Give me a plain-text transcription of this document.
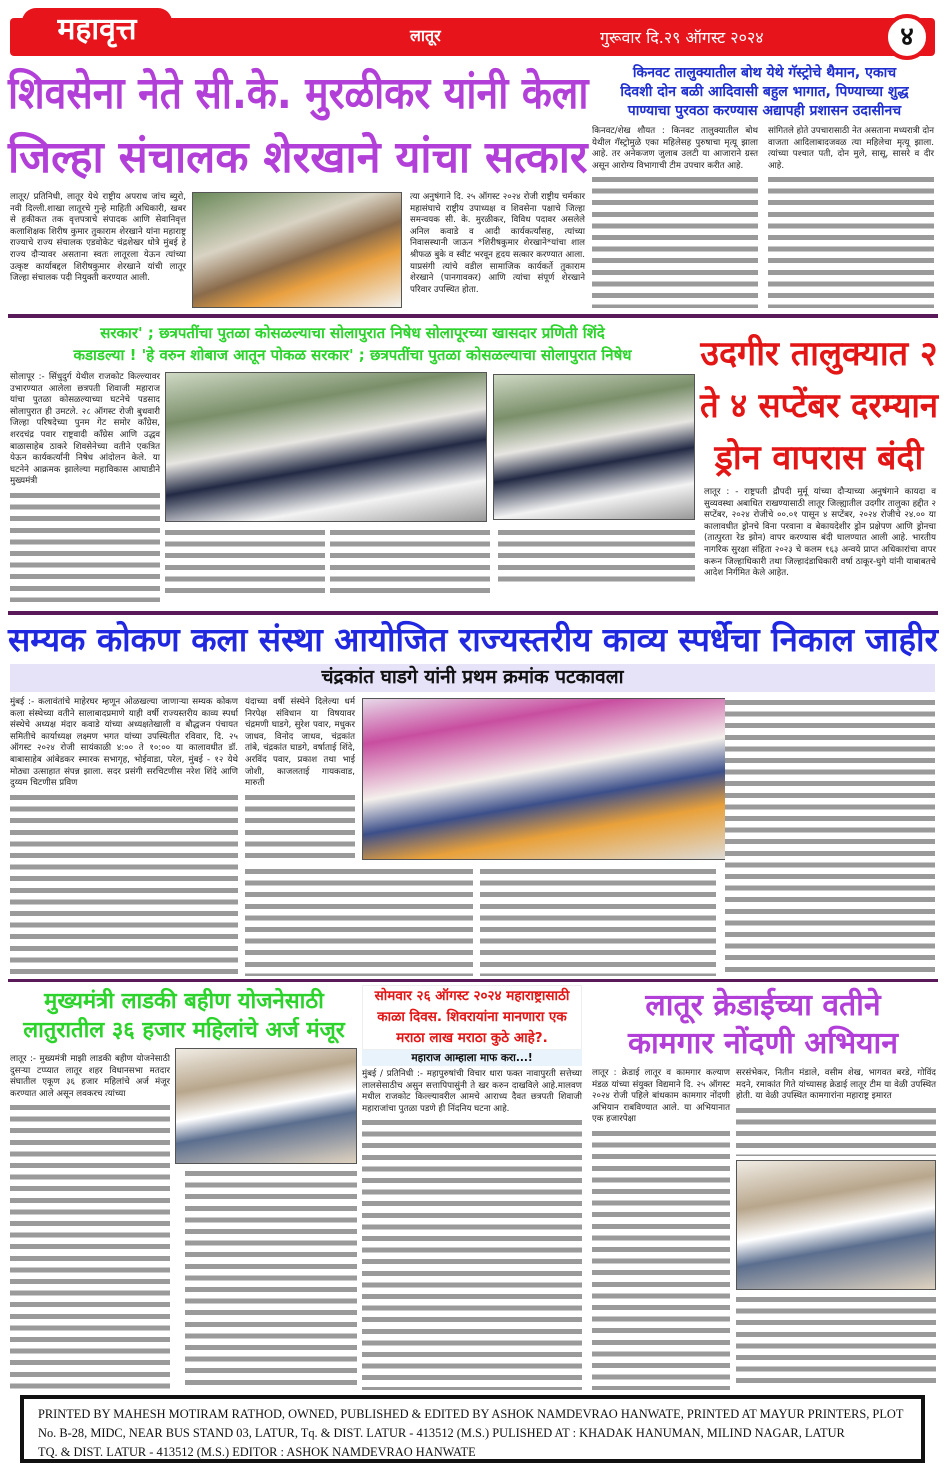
महावृत्त	लातूर	गुरूवार दि.२९ ऑगस्ट २०२४	४
शिवसेना नेते सी.के. मुरळीकर यांनी केला
जिल्हा संचालक शेरखाने यांचा सत्कार
लातूर/ प्रतिनिधी, लातूर येथे राष्ट्रीय अपराध जांच ब्युरो, नवी दिल्ली.शाखा लातूरचे गुन्हे माहिती अधिकारी, खबर से हकीकत तक वृत्तपत्राचे संपादक आणि सेवानिवृत्त कलाशिक्षक शिरीष कुमार तुकाराम शेरखाने यांना महाराष्ट्र राज्याचे राज्य संचालक एडवोकेट चंद्रशेखर धोत्रे मुंबई हे राज्य दौऱ्यावर असताना स्वतः लातूरला येऊन त्यांच्या उत्कृष्ट कार्याबद्दल शिरीषकुमार शेरखाने यांची लातूर जिल्हा संचालक पदी नियुक्ती करण्यात आली.
त्या अनुषंगाने दि. २५ ऑगस्ट २०२४ रोजी राष्ट्रीय चर्मकार महासंघाचे राष्ट्रीय उपाध्यक्ष व शिवसेना पक्षाचे जिल्हा समन्वयक सी. के. मुरळीकर, विविध पदावर असलेले अनिल कवाडे व आदी कार्यकर्त्यांसह, त्यांच्या निवासस्थानी जाऊन *शिरीषकुमार शेरखाने*यांचा शाल श्रीफळ बुके व स्वीट भरवून हृदय सत्कार करण्यात आला. याप्रसंगी त्यांचे वडील सामाजिक कार्यकर्ते तुकाराम शेरखाने (पानगावकर) आणि त्यांचा संपूर्ण शेरखाने परिवार उपस्थित होता.
किनवट तालुक्यातील बोथ येथे गॅस्ट्रोचे थैमान, एकाच
दिवशी दोन बळी आदिवासी बहुल भागात, पिण्याच्या शुद्ध
पाण्याचा पुरवठा करण्यास अद्यापही प्रशासन उदासीनच
किनवट/शेख शौयत : किनवट तालुक्यातील बोथ येथील गॅस्ट्रोमुळे एका महिलेसह पुरुषाचा मृत्यू झाला आहे. तर अनेकजण जुलाब उलटी या आजाराने ग्रस्त असून आरोग्य विभागाची टीम उपचार करीत आहे.
सांगितले होते उपचारासाठी नेत असताना मध्यरात्री दोन वाजता आदिलाबादजवळ त्या महिलेचा मृत्यू झाला. त्यांच्या पश्चात पती, दोन मुले, सासू, सासरे व दीर आहे.
सरकार' ; छत्रपतींचा पुतळा कोसळल्याचा सोलापुरात निषेध सोलापूरच्या खासदार प्रणिती शिंदे
कडाडल्या ! 'हे वरुन शोबाज आतून पोकळ सरकार' ; छत्रपतींचा पुतळा कोसळल्याचा सोलापुरात निषेध
सोलापूर :- सिंधुदुर्ग येथील राजकोट किल्ल्यावर उभारण्यात आलेला छत्रपती शिवाजी महाराज यांचा पुतळा कोसळल्याच्या घटनेचे पडसाद सोलापुरात ही उमटले. २८ ऑगस्ट रोजी बुधवारी जिल्हा परिषदेच्या पुनम गेट समोर कॉंग्रेस, शरदचंद्र पवार राष्ट्रवादी काँग्रेस आणि उद्धव बाळासाहेब ठाकरे शिवसेनेच्या वतीने एकत्रित येऊन कार्यकर्त्यांनी निषेध आंदोलन केले. या घटनेने आक्रमक झालेल्या महाविकास आघाडीने मुख्यमंत्री
उदगीर तालुक्यात २
ते ४ सप्टेंबर दरम्यान
ड्रोन वापरास बंदी
लातूर : - राष्ट्रपती द्रौपदी मुर्मू यांच्या दौऱ्याच्या अनुषंगाने कायदा व सुव्यवस्था अबाधित राखण्यासाठी लातूर जिल्ह्यातील उदगीर तालुका हद्दीत २ सप्टेंबर, २०२४ रोजीचे ००.०१ पासून ४ सप्टेंबर, २०२४ रोजीचे २४.०० या कालावधीत ड्रोनचे विना परवाना व बेकायदेशीर ड्रोन प्रक्षेपण आणि ड्रोनचा (तात्पुरता रेड झोन) वापर करण्यास बंदी घालण्यात आली आहे. भारतीय नागरिक सुरक्षा संहिता २०२३ चे कलम १६३ अन्वये प्राप्त अधिकारांचा वापर करून जिल्हाधिकारी तथा जिल्हादंडाधिकारी वर्षा ठाकूर-घुगे यांनी याबाबतचे आदेश निर्गमित केले आहेत.
सम्यक कोकण कला संस्था आयोजित राज्यस्तरीय काव्य स्पर्धेचा निकाल जाहीर
चंद्रकांत घाडगे यांनी प्रथम क्रमांक पटकावला
मुंबई :- कलावंतांचे माहेरघर म्हणून ओळखल्या जाणाऱ्या सम्यक कोकण कला संस्थेच्या वतीने सालाबादप्रमाणे याही वर्षी राज्यस्तरीय काव्य स्पर्धा संस्थेचे अध्यक्ष मंदार कवाडे यांच्या अध्यक्षतेखाली व बौद्धजन पंचायत समितीचे कार्याध्यक्ष लक्ष्मण भगत यांच्या उपस्थितीत रविवार, दि. २५ ऑगस्ट २०२४ रोजी सायंकाळी ४:०० ते १०:०० या कालावधीत डॉ. बाबासाहेब आंबेडकर स्मारक सभागृह, भोईवाडा, परेल, मुंबई - १२ येथे मोठ्या उत्साहात संपन्न झाला. सदर प्रसंगी सरचिटणीस नरेश शिंदे आणि दुय्यम चिटणीस प्रविण
यंदाच्या वर्षी संस्थेने दिलेल्या धर्म निरपेक्ष संविधान या विषयावर चंद्रमणी घाडगे, सुरेश पवार, मधुकर जाधव, विनोद जाधव, चंद्रकांत तांबे, चंद्रकांत घाडगे, वर्षाताई शिंदे, अरविंद पवार, प्रकाश तथा भाई जोशी, काजलताई गायकवाड, मारुती
मुख्यमंत्री लाडकी बहीण योजनेसाठी
लातुरातील ३६ हजार महिलांचे अर्ज मंजूर
लातूर :- मुख्यमंत्री माझी लाडकी बहीण योजनेसाठी दुसऱ्या टप्प्यात लातूर शहर विधानसभा मतदार संघातील एकूण ३६ हजार महिलांचे अर्ज मंजूर करण्यात आले असून लवकरच त्यांच्या
सोमवार २६ ऑगस्ट २०२४ महाराष्ट्रासाठी
काळा दिवस. शिवरायांना मानणारा एक
मराठा लाख मराठा कुठे आहे?.
महाराज आम्हाला माफ करा...!
मुंबई / प्रतिनिधी :- महापुरुषांची विचार धारा फक्त नावापुरती सत्तेच्या लालसेसाठीच असुन सत्तापिपासुंनी ते खर करुन दाखविले आहे.मालवण मधील राजकोट किल्ल्यावरील आमचे आराध्य दैवत छत्रपती शिवाजी महाराजांचा पुतळा पडणे ही निंदनिय घटना आहे.
लातूर क्रेडाईच्या वतीने
कामगार नोंदणी अभियान
लातूर : क्रेडाई लातूर व कामगार कल्याण मंडळ यांच्या संयुक्त विद्यमाने दि. २५ ऑगस्ट २०२४ रोजी पहिले बांधकाम कामगार नोंदणी अभियान राबविण्यात आले. या अभियानात एक हजारपेक्षा
सरसंभेकर, नितीन मंडाले, वसीम शेख, भागवत बरडे, गोविंद मदने, रमाकांत गिते यांच्यासह क्रेडाई लातूर टीम या वेळी उपस्थित होती. या वेळी उपस्थित कामगारांना महाराष्ट्र इमारत
PRINTED BY MAHESH MOTIRAM RATHOD, OWNED, PUBLISHED & EDITED BY ASHOK NAMDEVRAO HANWATE, PRINTED AT MAYUR PRINTERS, PLOT
No. B-28, MIDC, NEAR BUS STAND 03, LATUR, Tq. & DIST. LATUR - 413512 (M.S.) PULISHED AT : KHADAK HANUMAN, MILIND NAGAR, LATUR
TQ. & DIST. LATUR - 413512 (M.S.) EDITOR : ASHOK NAMDEVRAO HANWATE
